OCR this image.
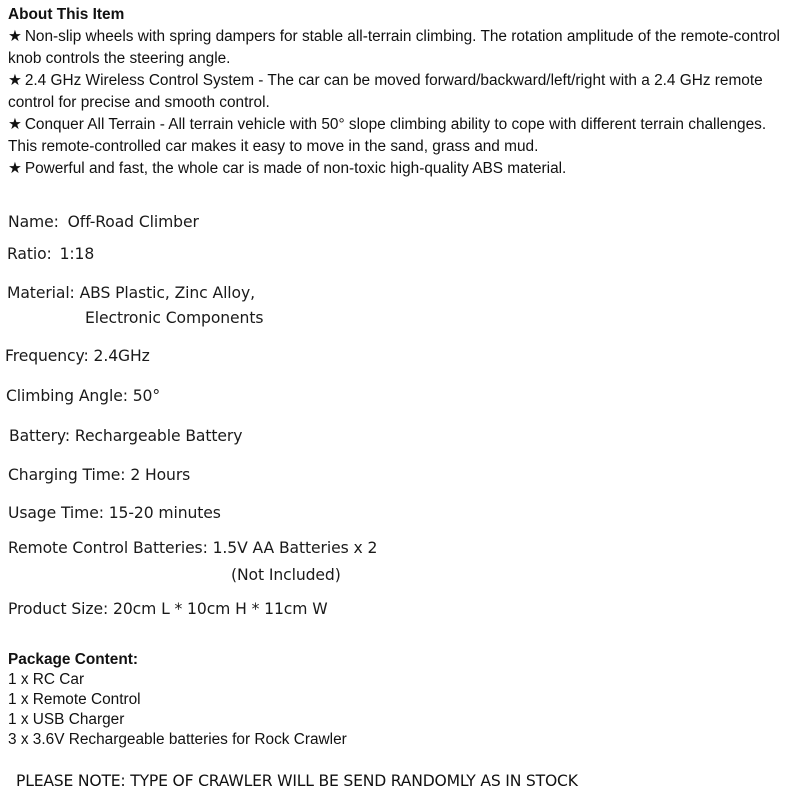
About This Item

★ Non-slip wheels with spring dampers for stable all-terrain climbing. The rotation amplitude of the remote-control knob controls the steering angle.

★ 2.4 GHz Wireless Control System - The car can be moved forward/backward/left/right with a 2.4 GHz remote control for precise and smooth control.

★ Conquer All Terrain - All terrain vehicle with 50° slope climbing ability to cope with different terrain challenges. This remote-controlled car makes it easy to move in the sand, grass and mud.

★ Powerful and fast, the whole car is made of non-toxic high-quality ABS material.

Name: Off-Road Climber
Ratio: 1:18
Material: ABS Plastic, Zinc Alloy,
Electronic Components
Frequency: 2.4GHz
Climbing Angle: 50°
Battery: Rechargeable Battery
Charging Time: 2 Hours
Usage Time: 15-20 minutes
Remote Control Batteries: 1.5V AA Batteries x 2
(Not Included)
Product Size: 20cm L * 10cm H * 11cm W
Package Content:

1 x RC Car

1 x Remote Control

1 x USB Charger

3 x 3.6V Rechargeable batteries for Rock Crawler

PLEASE NOTE: TYPE OF CRAWLER WILL BE SEND RANDOMLY AS IN STOCK
